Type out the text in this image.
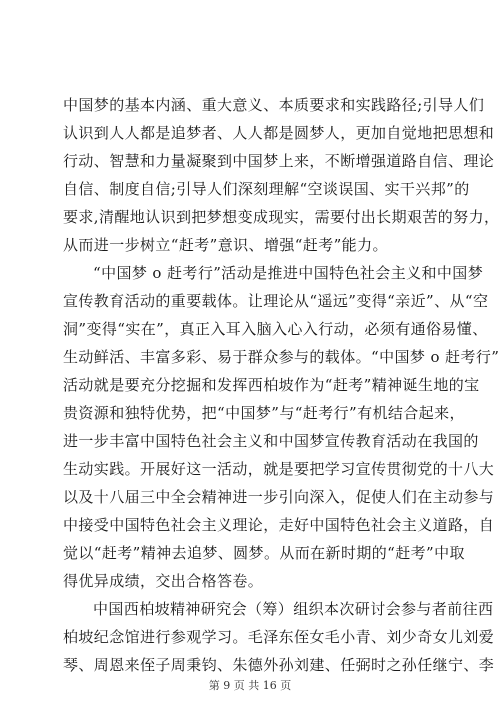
中国梦的基本内涵、重大意义、本质要求和实践路径;引导人们
认识到人人都是追梦者、人人都是圆梦人，更加自觉地把思想和
行动、智慧和力量凝聚到中国梦上来，不断增强道路自信、理论
自信、制度自信;引导人们深刻理解“空谈误国、实干兴邦”的
要求,清醒地认识到把梦想变成现实，需要付出长期艰苦的努力，
从而进一步树立“赶考”意识、增强“赶考”能力。
“中国梦 o 赶考行”活动是推进中国特色社会主义和中国梦
宣传教育活动的重要载体。让理论从“遥远”变得“亲近”、从“空
洞”变得“实在”，真正入耳入脑入心入行动，必须有通俗易懂、
生动鲜活、丰富多彩、易于群众参与的载体。“中国梦 o 赶考行”
活动就是要充分挖掘和发挥西柏坡作为“赶考”精神诞生地的宝
贵资源和独特优势，把“中国梦”与“赶考行”有机结合起来，
进一步丰富中国特色社会主义和中国梦宣传教育活动在我国的
生动实践。开展好这一活动，就是要把学习宣传贯彻党的十八大
以及十八届三中全会精神进一步引向深入，促使人们在主动参与
中接受中国特色社会主义理论，走好中国特色社会主义道路，自
觉以“赶考”精神去追梦、圆梦。从而在新时期的“赶考”中取
得优异成绩，交出合格答卷。
中国西柏坡精神研究会（筹）组织本次研讨会参与者前往西
柏坡纪念馆进行参观学习。毛泽东侄女毛小青、刘少奇女儿刘爱
琴、周恩来侄子周秉钧、朱德外孙刘建、任弼时之孙任继宁、李
第 9 页 共 16 页
